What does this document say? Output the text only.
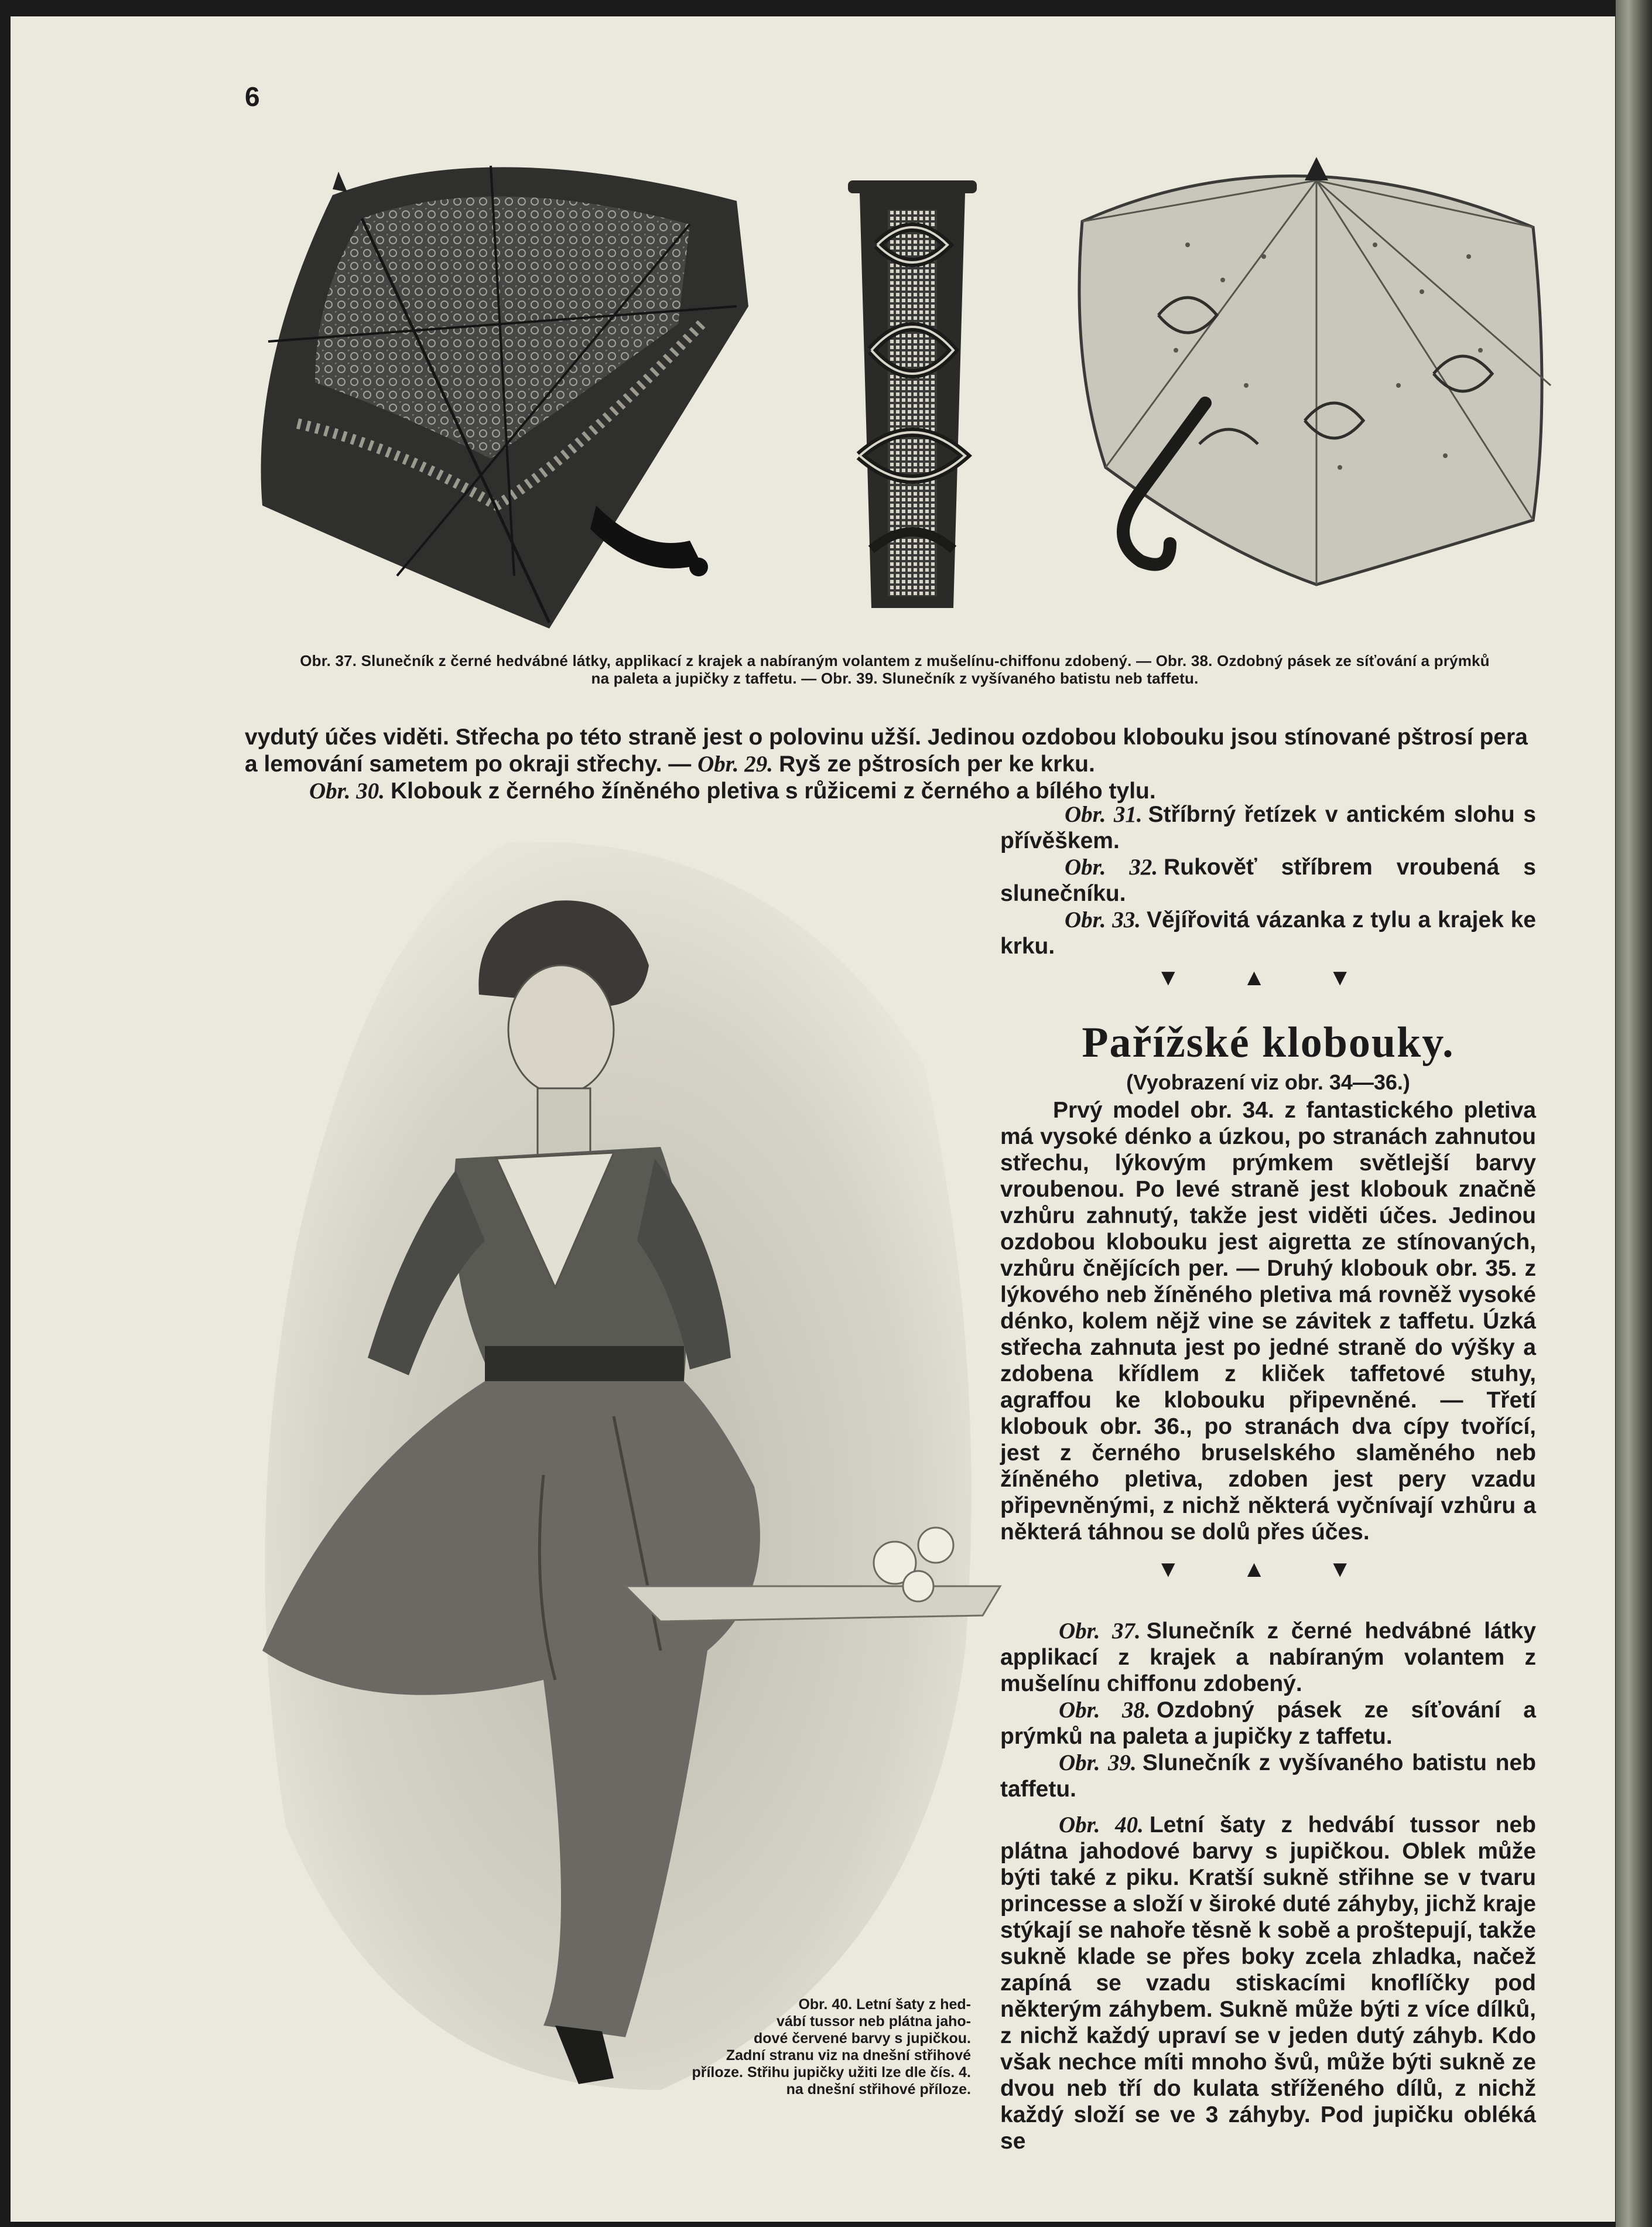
6
Obr. 37. Slunečník z černé hedvábné látky, applikací z krajek a nabíraným volantem z mušelínu-chiffonu zdobený. — Obr. 38. Ozdobný pásek ze síťování a prýmků
na paleta a jupičky z taffetu. — Obr. 39. Slunečník z vyšívaného batistu neb taffetu.
vydutý účes viděti. Střecha po této straně jest o polovinu užší. Jedinou ozdobou klobouku jsou stínované pštrosí pera
a lemování sametem po okraji střechy. — Obr. 29. Ryš ze pštrosích per ke krku.
Obr. 30. Klobouk z černého žíněného pletiva s růžicemi z černého a bílého tylu.
Obr. 40. Letní šaty z hed-
vábí tussor neb plátna jaho-
dové červené barvy s jupičkou.
Zadní stranu viz na dnešní střihové
příloze. Střihu jupičky užiti lze dle čís. 4.
na dnešní střihové příloze.

Obr. 31. Stříbrný řetízek v antickém slohu s přívěškem.

Obr. 32. Rukověť stříbrem vroubená s slunečníku.

Obr. 33. Vějířovitá vázanka z tylu a krajek ke krku.

▼ ▲ ▼
Pařížské klobouky.
(Vyobrazení viz obr. 34—36.)

Prvý model obr. 34. z fantastického pletiva má vysoké dénko a úzkou, po stranách zahnutou střechu, lýkovým prýmkem světlejší barvy vroubenou. Po levé straně jest klobouk značně vzhůru zahnutý, takže jest viděti účes. Jedinou ozdobou klobouku jest aigretta ze stínovaných, vzhůru čnějících per. — Druhý klobouk obr. 35. z lýkového neb žíněného pletiva má rovněž vysoké dénko, kolem nějž vine se závitek z taffetu. Úzká střecha zahnuta jest po jedné straně do výšky a zdobena křídlem z kliček taffetové stuhy, agraffou ke klobouku připevněné. — Třetí klobouk obr. 36., po stranách dva cípy tvořící, jest z černého bruselského slaměného neb žíněného pletiva, zdoben jest pery vzadu připevněnými, z nichž některá vyčnívají vzhůru a některá táhnou se dolů přes účes.

▼ ▲ ▼

Obr. 37. Slunečník z černé hedvábné látky applikací z krajek a nabíraným volantem z mušelínu chiffonu zdobený.

Obr. 38. Ozdobný pásek ze síťování a prýmků na paleta a jupičky z taffetu.

Obr. 39. Slunečník z vyšívaného batistu neb taffetu.

Obr. 40. Letní šaty z hedvábí tussor neb plátna jahodové barvy s jupičkou. Oblek může býti také z piku. Kratší sukně střihne se v tvaru princesse a složí v široké duté záhyby, jichž kraje stýkají se nahoře těsně k sobě a proštepují, takže sukně klade se přes boky zcela zhladka, načež zapíná se vzadu stiskacími knoflíčky pod některým záhybem. Sukně může býti z více dílků, z nichž každý upraví se v jeden dutý záhyb. Kdo však nechce míti mnoho švů, může býti sukně ze dvou neb tří do kulata stříženého dílů, z nichž každý složí se ve 3 záhyby. Pod jupičku obléká se
